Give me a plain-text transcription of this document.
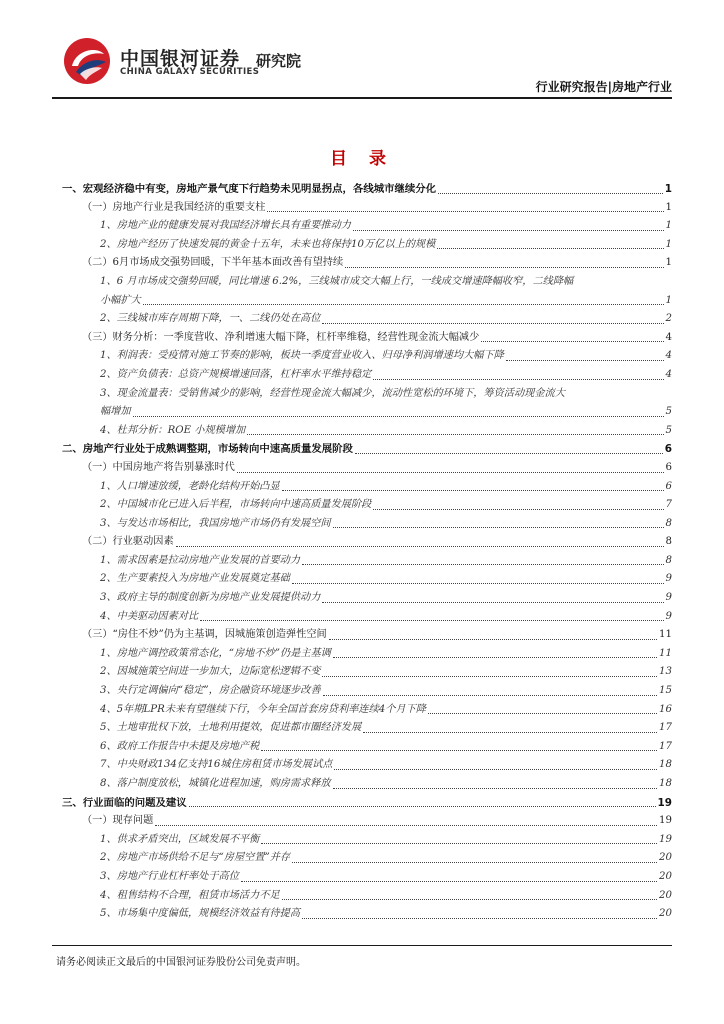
中国银河证券
CHINA GALAXY SECURITIES
研究院
行业研究报告|房地产行业
目 录
一、宏观经济稳中有变，房地产景气度下行趋势未见明显拐点，各线城市继续分化	1
（一）房地产行业是我国经济的重要支柱	1
1、房地产业的健康发展对我国经济增长具有重要推动力	1
2、房地产经历了快速发展的黄金十五年，未来也将保持10万亿以上的规模	1
（二）6月市场成交强势回暖，下半年基本面改善有望持续	1
1、6 月市场成交强势回暖，同比增速 6.2%，三线城市成交大幅上行，一线成交增速降幅收窄，二线降幅
小幅扩大	1
2、三线城市库存周期下降，一、二线仍处在高位	2
（三）财务分析：一季度营收、净利增速大幅下降，杠杆率维稳，经营性现金流大幅减少	4
1、利润表：受疫情对施工节奏的影响，板块一季度营业收入、归母净利润增速均大幅下降	4
2、资产负债表：总资产规模增速回落，杠杆率水平维持稳定	4
3、现金流量表：受销售减少的影响，经营性现金流大幅减少，流动性宽松的环境下，筹资活动现金流大
幅增加	5
4、杜邦分析：ROE 小规模增加	5
二、房地产行业处于成熟调整期，市场转向中速高质量发展阶段	6
（一）中国房地产将告别暴涨时代	6
1、人口增速放缓，老龄化结构开始凸显	6
2、中国城市化已进入后半程，市场转向中速高质量发展阶段	7
3、与发达市场相比，我国房地产市场仍有发展空间	8
（二）行业驱动因素	8
1、需求因素是拉动房地产业发展的首要动力	8
2、生产要素投入为房地产业发展奠定基础	9
3、政府主导的制度创新为房地产业发展提供动力	9
4、中美驱动因素对比	9
（三）“房住不炒”仍为主基调，因城施策创造弹性空间	11
1、房地产调控政策常态化，“房地不炒”仍是主基调	11
2、因城施策空间进一步加大，边际宽松逻辑不变	13
3、央行定调偏向“稳定”，房企融资环境逐步改善	15
4、5年期LPR未来有望继续下行，今年全国首套房贷利率连续4个月下降	16
5、土地审批权下放，土地利用提效，促进都市圈经济发展	17
6、政府工作报告中未提及房地产税	17
7、中央财政134亿支持16城住房租赁市场发展试点	18
8、落户制度放松，城镇化进程加速，购房需求释放	18
三、行业面临的问题及建议	19
（一）现存问题	19
1、供求矛盾突出，区域发展不平衡	19
2、房地产市场供给不足与“房屋空置”并存	20
3、房地产行业杠杆率处于高位	20
4、租售结构不合理，租赁市场活力不足	20
5、市场集中度偏低，规模经济效益有待提高	20
请务必阅读正文最后的中国银河证券股份公司免责声明。
